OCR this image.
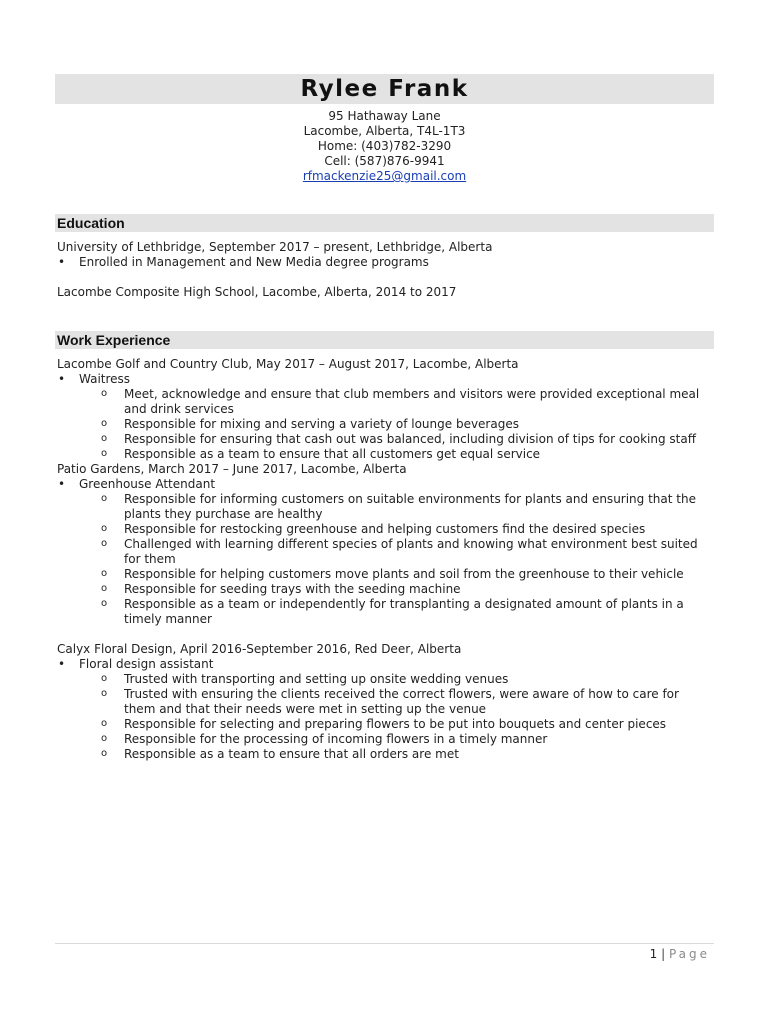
Rylee Frank
95 Hathaway Lane
Lacombe, Alberta, T4L-1T3
Home: (403)782-3290
Cell: (587)876-9941
rfmackenzie25@gmail.com
Education
University of Lethbridge, September 2017 – present, Lethbridge, Alberta
• Enrolled in Management and New Media degree programs
Lacombe Composite High School, Lacombe, Alberta, 2014 to 2017
Work Experience
Lacombe Golf and Country Club, May 2017 – August 2017, Lacombe, Alberta
• Waitress
o Meet, acknowledge and ensure that club members and visitors were provided exceptional meal and drink services
o Responsible for mixing and serving a variety of lounge beverages
o Responsible for ensuring that cash out was balanced, including division of tips for cooking staff
o Responsible as a team to ensure that all customers get equal service
Patio Gardens, March 2017 – June 2017, Lacombe, Alberta
• Greenhouse Attendant
o Responsible for informing customers on suitable environments for plants and ensuring that the plants they purchase are healthy
o Responsible for restocking greenhouse and helping customers find the desired species
o Challenged with learning different species of plants and knowing what environment best suited for them
o Responsible for helping customers move plants and soil from the greenhouse to their vehicle
o Responsible for seeding trays with the seeding machine
o Responsible as a team or independently for transplanting a designated amount of plants in a timely manner
Calyx Floral Design, April 2016-September 2016, Red Deer, Alberta
• Floral design assistant
o Trusted with transporting and setting up onsite wedding venues
o Trusted with ensuring the clients received the correct flowers, were aware of how to care for them and that their needs were met in setting up the venue
o Responsible for selecting and preparing flowers to be put into bouquets and center pieces
o Responsible for the processing of incoming flowers in a timely manner
o Responsible as a team to ensure that all orders are met
1 | Page
